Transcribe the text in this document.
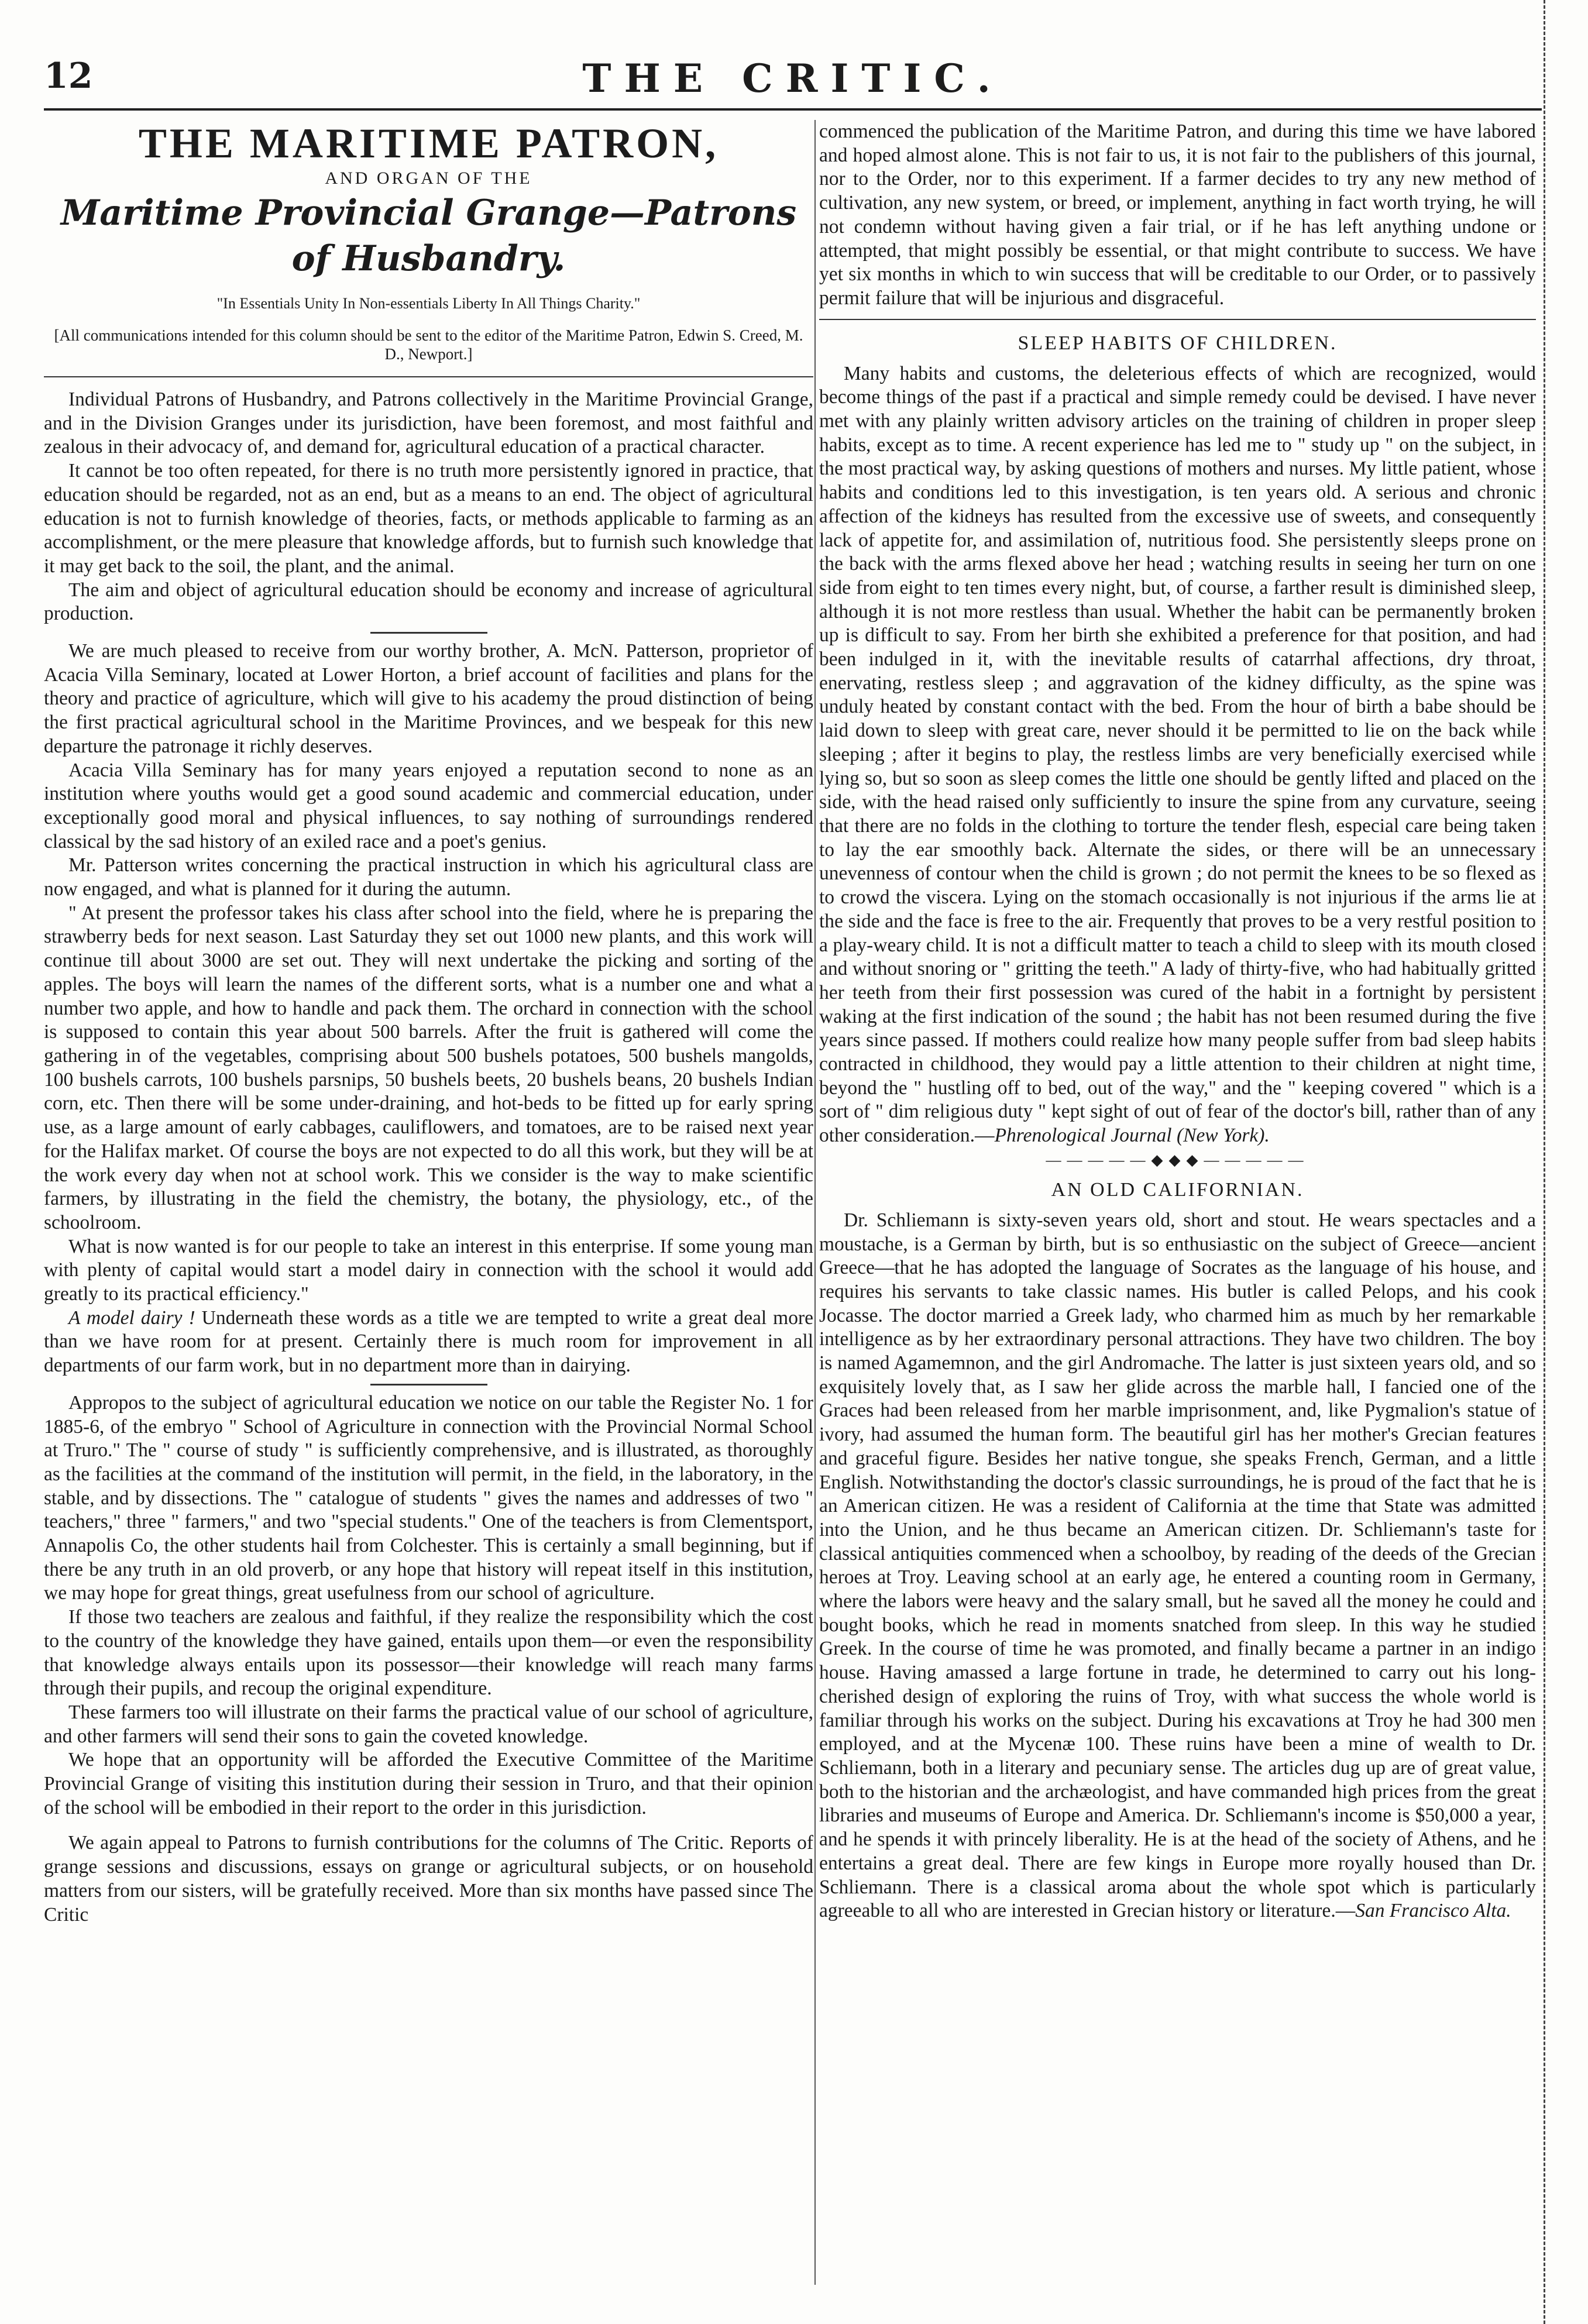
12	THE CRITIC.
THE MARITIME PATRON,
AND ORGAN OF THE
Maritime Provincial Grange—Patrons of Husbandry.
"In Essentials Unity In Non-essentials Liberty In All Things Charity."
[All communications intended for this column should be sent to the editor of the Maritime Patron, Edwin S. Creed, M. D., Newport.]

Individual Patrons of Husbandry, and Patrons collectively in the Maritime Provincial Grange, and in the Division Granges under its jurisdiction, have been foremost, and most faithful and zealous in their advocacy of, and demand for, agricultural education of a practical character.

It cannot be too often repeated, for there is no truth more persistently ignored in practice, that education should be regarded, not as an end, but as a means to an end. The object of agricultural education is not to furnish knowledge of theories, facts, or methods applicable to farming as an accomplishment, or the mere pleasure that knowledge affords, but to furnish such knowledge that it may get back to the soil, the plant, and the animal.

The aim and object of agricultural education should be economy and increase of agricultural production.

We are much pleased to receive from our worthy brother, A. McN. Patterson, proprietor of Acacia Villa Seminary, located at Lower Horton, a brief account of facilities and plans for the theory and practice of agriculture, which will give to his academy the proud distinction of being the first practical agricultural school in the Maritime Provinces, and we bespeak for this new departure the patronage it richly deserves.

Acacia Villa Seminary has for many years enjoyed a reputation second to none as an institution where youths would get a good sound academic and commercial education, under exceptionally good moral and physical influences, to say nothing of surroundings rendered classical by the sad history of an exiled race and a poet's genius.

Mr. Patterson writes concerning the practical instruction in which his agricultural class are now engaged, and what is planned for it during the autumn.

" At present the professor takes his class after school into the field, where he is preparing the strawberry beds for next season. Last Saturday they set out 1000 new plants, and this work will continue till about 3000 are set out. They will next undertake the picking and sorting of the apples. The boys will learn the names of the different sorts, what is a number one and what a number two apple, and how to handle and pack them. The orchard in connection with the school is supposed to contain this year about 500 barrels. After the fruit is gathered will come the gathering in of the vegetables, comprising about 500 bushels potatoes, 500 bushels mangolds, 100 bushels carrots, 100 bushels parsnips, 50 bushels beets, 20 bushels beans, 20 bushels Indian corn, etc. Then there will be some under-draining, and hot-beds to be fitted up for early spring use, as a large amount of early cabbages, cauliflowers, and tomatoes, are to be raised next year for the Halifax market. Of course the boys are not expected to do all this work, but they will be at the work every day when not at school work. This we consider is the way to make scientific farmers, by illustrating in the field the chemistry, the botany, the physiology, etc., of the schoolroom.

What is now wanted is for our people to take an interest in this enterprise. If some young man with plenty of capital would start a model dairy in connection with the school it would add greatly to its practical efficiency."

A model dairy ! Underneath these words as a title we are tempted to write a great deal more than we have room for at present. Certainly there is much room for improvement in all departments of our farm work, but in no department more than in dairying.

Appropos to the subject of agricultural education we notice on our table the Register No. 1 for 1885-6, of the embryo " School of Agriculture in connection with the Provincial Normal School at Truro." The " course of study " is sufficiently comprehensive, and is illustrated, as thoroughly as the facilities at the command of the institution will permit, in the field, in the laboratory, in the stable, and by dissections. The " catalogue of students " gives the names and addresses of two " teachers," three " farmers," and two "special students." One of the teachers is from Clementsport, Annapolis Co, the other students hail from Colchester. This is certainly a small beginning, but if there be any truth in an old proverb, or any hope that history will repeat itself in this institution, we may hope for great things, great usefulness from our school of agriculture.

If those two teachers are zealous and faithful, if they realize the responsibility which the cost to the country of the knowledge they have gained, entails upon them—or even the responsibility that knowledge always entails upon its possessor—their knowledge will reach many farms through their pupils, and recoup the original expenditure.

These farmers too will illustrate on their farms the practical value of our school of agriculture, and other farmers will send their sons to gain the coveted knowledge.

We hope that an opportunity will be afforded the Executive Committee of the Maritime Provincial Grange of visiting this institution during their session in Truro, and that their opinion of the school will be embodied in their report to the order in this jurisdiction.

We again appeal to Patrons to furnish contributions for the columns of The Critic. Reports of grange sessions and discussions, essays on grange or agricultural subjects, or on household matters from our sisters, will be gratefully received. More than six months have passed since The Critic

commenced the publication of the Maritime Patron, and during this time we have labored and hoped almost alone. This is not fair to us, it is not fair to the publishers of this journal, nor to the Order, nor to this experiment. If a farmer decides to try any new method of cultivation, any new system, or breed, or implement, anything in fact worth trying, he will not condemn without having given a fair trial, or if he has left anything undone or attempted, that might possibly be essential, or that might contribute to success. We have yet six months in which to win success that will be creditable to our Order, or to passively permit failure that will be injurious and disgraceful.

SLEEP HABITS OF CHILDREN.

Many habits and customs, the deleterious effects of which are recognized, would become things of the past if a practical and simple remedy could be devised. I have never met with any plainly written advisory articles on the training of children in proper sleep habits, except as to time. A recent experience has led me to " study up " on the subject, in the most practical way, by asking questions of mothers and nurses. My little patient, whose habits and conditions led to this investigation, is ten years old. A serious and chronic affection of the kidneys has resulted from the excessive use of sweets, and consequently lack of appetite for, and assimilation of, nutritious food. She persistently sleeps prone on the back with the arms flexed above her head ; watching results in seeing her turn on one side from eight to ten times every night, but, of course, a farther result is diminished sleep, although it is not more restless than usual. Whether the habit can be permanently broken up is difficult to say. From her birth she exhibited a preference for that position, and had been indulged in it, with the inevitable results of catarrhal affections, dry throat, enervating, restless sleep ; and aggravation of the kidney difficulty, as the spine was unduly heated by constant contact with the bed. From the hour of birth a babe should be laid down to sleep with great care, never should it be permitted to lie on the back while sleeping ; after it begins to play, the restless limbs are very beneficially exercised while lying so, but so soon as sleep comes the little one should be gently lifted and placed on the side, with the head raised only sufficiently to insure the spine from any curvature, seeing that there are no folds in the clothing to torture the tender flesh, especial care being taken to lay the ear smoothly back. Alternate the sides, or there will be an unnecessary unevenness of contour when the child is grown ; do not permit the knees to be so flexed as to crowd the viscera. Lying on the stomach occasionally is not injurious if the arms lie at the side and the face is free to the air. Frequently that proves to be a very restful position to a play-weary child. It is not a difficult matter to teach a child to sleep with its mouth closed and without snoring or " gritting the teeth." A lady of thirty-five, who had habitually gritted her teeth from their first possession was cured of the habit in a fortnight by persistent waking at the first indication of the sound ; the habit has not been resumed during the five years since passed. If mothers could realize how many people suffer from bad sleep habits contracted in childhood, they would pay a little attention to their children at night time, beyond the " hustling off to bed, out of the way," and the " keeping covered " which is a sort of " dim religious duty " kept sight of out of fear of the doctor's bill, rather than of any other consideration.—Phrenological Journal (New York).

—————◆◆◆—————
AN OLD CALIFORNIAN.

Dr. Schliemann is sixty-seven years old, short and stout. He wears spectacles and a moustache, is a German by birth, but is so enthusiastic on the subject of Greece—ancient Greece—that he has adopted the language of Socrates as the language of his house, and requires his servants to take classic names. His butler is called Pelops, and his cook Jocasse. The doctor married a Greek lady, who charmed him as much by her remarkable intelligence as by her extraordinary personal attractions. They have two children. The boy is named Agamemnon, and the girl Andromache. The latter is just sixteen years old, and so exquisitely lovely that, as I saw her glide across the marble hall, I fancied one of the Graces had been released from her marble imprisonment, and, like Pygmalion's statue of ivory, had assumed the human form. The beautiful girl has her mother's Grecian features and graceful figure. Besides her native tongue, she speaks French, German, and a little English. Notwithstanding the doctor's classic surroundings, he is proud of the fact that he is an American citizen. He was a resident of California at the time that State was admitted into the Union, and he thus became an American citizen. Dr. Schliemann's taste for classical antiquities commenced when a schoolboy, by reading of the deeds of the Grecian heroes at Troy. Leaving school at an early age, he entered a counting room in Germany, where the labors were heavy and the salary small, but he saved all the money he could and bought books, which he read in moments snatched from sleep. In this way he studied Greek. In the course of time he was promoted, and finally became a partner in an indigo house. Having amassed a large fortune in trade, he determined to carry out his long-cherished design of exploring the ruins of Troy, with what success the whole world is familiar through his works on the subject. During his excavations at Troy he had 300 men employed, and at the Mycenæ 100. These ruins have been a mine of wealth to Dr. Schliemann, both in a literary and pecuniary sense. The articles dug up are of great value, both to the historian and the archæologist, and have commanded high prices from the great libraries and museums of Europe and America. Dr. Schliemann's income is $50,000 a year, and he spends it with princely liberality. He is at the head of the society of Athens, and he entertains a great deal. There are few kings in Europe more royally housed than Dr. Schliemann. There is a classical aroma about the whole spot which is particularly agreeable to all who are interested in Grecian history or literature.—San Francisco Alta.
